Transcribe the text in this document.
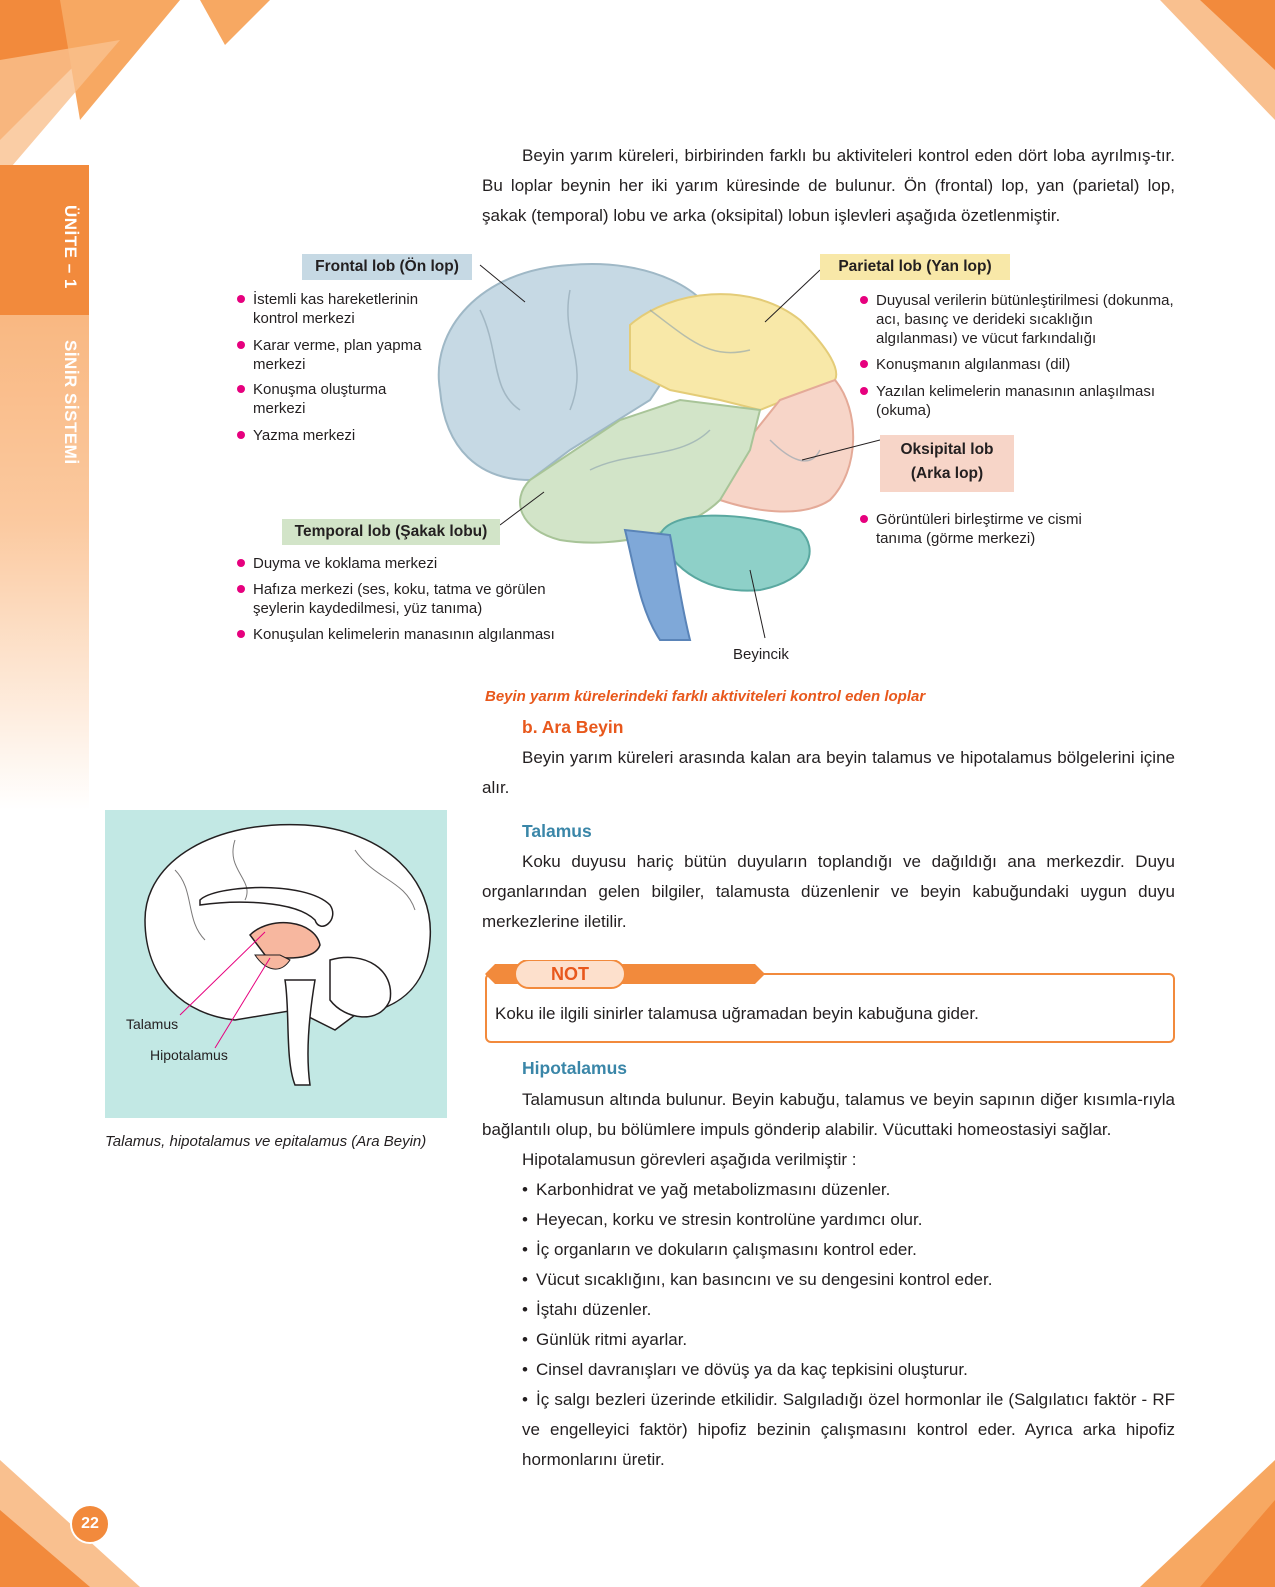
ÜNİTE – 1
SİNİR SİSTEMİ
Beyin yarım küreleri, birbirinden farklı bu aktiviteleri kontrol eden dört loba ayrılmış-tır. Bu loplar beynin her iki yarım küresinde de bulunur. Ön (frontal) lop, yan (parietal) lop, şakak (temporal) lobu ve arka (oksipital) lobun işlevleri aşağıda özetlenmiştir.
Frontal lob (Ön lop)
İstemli kas hareketlerinin kontrol merkezi
Karar verme, plan yapma merkezi
Konuşma oluşturma merkezi
Yazma merkezi
Parietal lob (Yan lop)
Duyusal verilerin bütünleştirilmesi (dokunma, acı, basınç ve derideki sıcaklığın algılanması) ve vücut farkındalığı
Konuşmanın algılanması (dil)
Yazılan kelimelerin manasının anlaşılması (okuma)
Oksipital lob
(Arka lop)
Görüntüleri birleştirme ve cismi tanıma (görme merkezi)
Temporal lob (Şakak lobu)
Duyma ve koklama merkezi
Hafıza merkezi (ses, koku, tatma ve görülen şeylerin kaydedilmesi, yüz tanıma)
Konuşulan kelimelerin manasının algılanması
Beyincik
Beyin yarım kürelerindeki farklı aktiviteleri kontrol eden loplar
b. Ara Beyin
Beyin yarım küreleri arasında kalan ara beyin talamus ve hipotalamus bölgelerini içine alır.
Talamus
Koku duyusu hariç bütün duyuların toplandığı ve dağıldığı ana merkezdir. Duyu organlarından gelen bilgiler, talamusta düzenlenir ve beyin kabuğundaki uygun duyu merkezlerine iletilir.
NOT
Koku ile ilgili sinirler talamusa uğramadan beyin kabuğuna gider.
Talamus
Hipotalamus
Talamus, hipotalamus ve epitalamus (Ara Beyin)
Hipotalamus
Talamusun altında bulunur. Beyin kabuğu, talamus ve beyin sapının diğer kısımla-rıyla bağlantılı olup, bu bölümlere impuls gönderip alabilir. Vücuttaki homeostasiyi sağlar.
Hipotalamusun görevleri aşağıda verilmiştir :
• Karbonhidrat ve yağ metabolizmasını düzenler.
• Heyecan, korku ve stresin kontrolüne yardımcı olur.
• İç organların ve dokuların çalışmasını kontrol eder.
• Vücut sıcaklığını, kan basıncını ve su dengesini kontrol eder.
• İştahı düzenler.
• Günlük ritmi ayarlar.
• Cinsel davranışları ve dövüş ya da kaç tepkisini oluşturur.
• İç salgı bezleri üzerinde etkilidir. Salgıladığı özel hormonlar ile (Salgılatıcı faktör - RF ve engelleyici faktör) hipofiz bezinin çalışmasını kontrol eder. Ayrıca arka hipofiz hormonlarını üretir.
22
